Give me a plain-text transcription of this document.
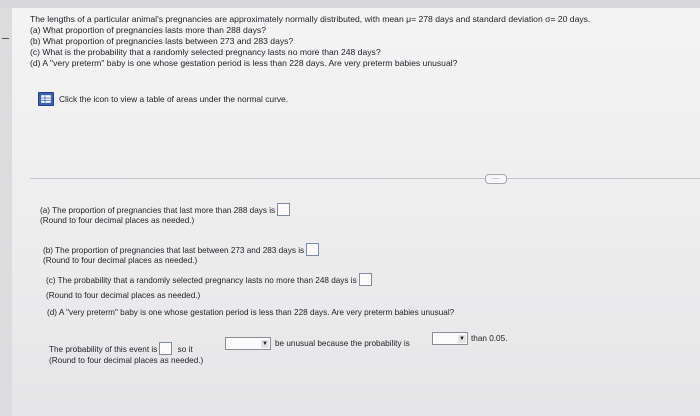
The lengths of a particular animal's pregnancies are approximately normally distributed, with mean μ= 278 days and standard deviation σ= 20 days.
(a) What proportion of pregnancies lasts more than 288 days?
(b) What proportion of pregnancies lasts between 273 and 283 days?
(c) What is the probability that a randomly selected pregnancy lasts no more than 248 days?
(d) A "very preterm" baby is one whose gestation period is less than 228 days. Are very preterm babies unusual?
Click the icon to view a table of areas under the normal curve.
.....
(a) The proportion of pregnancies that last more than 288 days is
(Round to four decimal places as needed.)
(b) The proportion of pregnancies that last between 273 and 283 days is
(Round to four decimal places as needed.)
(c) The probability that a randomly selected pregnancy lasts no more than 248 days is
(Round to four decimal places as needed.)
(d) A "very preterm" baby is one whose gestation period is less than 228 days. Are very preterm babies unusual?
The probability of this event is so it
▼ be unusual because the probability is	▼ than 0.05.
(Round to four decimal places as needed.)
